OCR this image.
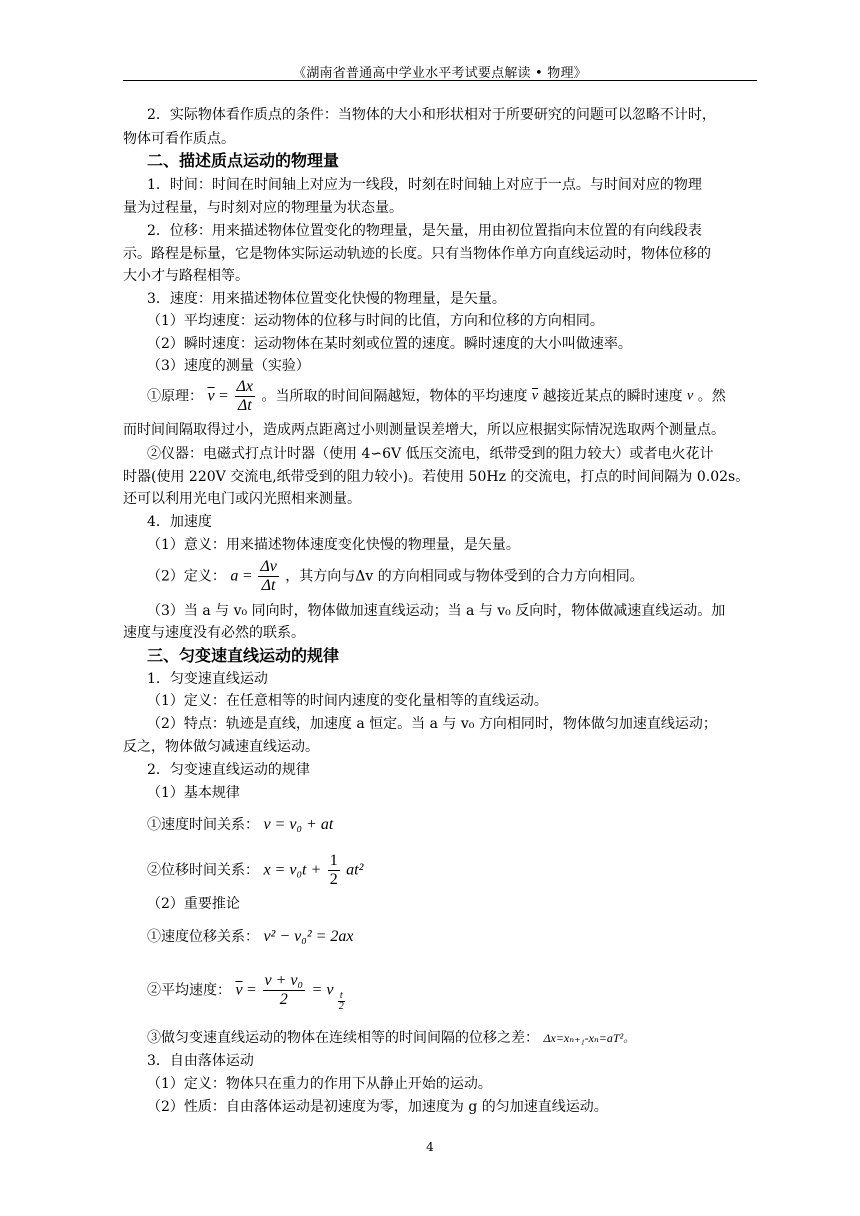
《湖南省普通高中学业水平考试要点解读 • 物理》
2．实际物体看作质点的条件：当物体的大小和形状相对于所要研究的问题可以忽略不计时，
物体可看作质点。
二、描述质点运动的物理量
1．时间：时间在时间轴上对应为一线段，时刻在时间轴上对应于一点。与时间对应的物理
量为过程量，与时刻对应的物理量为状态量。
2．位移：用来描述物体位置变化的物理量，是矢量，用由初位置指向末位置的有向线段表
示。路程是标量，它是物体实际运动轨迹的长度。只有当物体作单方向直线运动时，物体位移的
大小才与路程相等。
3．速度：用来描述物体位置变化快慢的物理量，是矢量。
（1）平均速度：运动物体的位移与时间的比值，方向和位移的方向相同。
（2）瞬时速度：运动物体在某时刻或位置的速度。瞬时速度的大小叫做速率。
（3）速度的测量（实验）
①原理： $\overline{v} = \frac{\Delta x}{\Delta t}$ 。当所取的时间间隔越短，物体的平均速度 $\overline{v}$ 越接近某点的瞬时速度 v 。然
而时间间隔取得过小，造成两点距离过小则测量误差增大，所以应根据实际情况选取两个测量点。
②仪器：电磁式打点计时器（使用 4∽6V 低压交流电，纸带受到的阻力较大）或者电火花计
时器(使用 220V 交流电,纸带受到的阻力较小)。若使用 50Hz 的交流电，打点的时间间隔为 0.02s。
还可以利用光电门或闪光照相来测量。
4．加速度
（1）意义：用来描述物体速度变化快慢的物理量，是矢量。
（2）定义： $a = \frac{\Delta v}{\Delta t}$ ，其方向与Δv 的方向相同或与物体受到的合力方向相同。
（3）当 a 与 v₀ 同向时，物体做加速直线运动；当 a 与 v₀ 反向时，物体做减速直线运动。加
速度与速度没有必然的联系。
三、匀变速直线运动的规律
1．匀变速直线运动
（1）定义：在任意相等的时间内速度的变化量相等的直线运动。
（2）特点：轨迹是直线，加速度 a 恒定。当 a 与 v₀ 方向相同时，物体做匀加速直线运动；
反之，物体做匀减速直线运动。
2．匀变速直线运动的规律
（1）基本规律
①速度时间关系： v = v₀ + at
②位移时间关系： $x = v_0t + \frac{1}{2} at^2$
（2）重要推论
①速度位移关系： v² − v₀² = 2ax
②平均速度： $\overline{v} = \frac{\text{v + v₀}}{2} = v$
$\frac{t}{2}$
③做匀变速直线运动的物体在连续相等的时间间隔的位移之差： Δx=xₙ₊₁-xₙ=aT²。
3．自由落体运动
（1）定义：物体只在重力的作用下从静止开始的运动。
（2）性质：自由落体运动是初速度为零，加速度为 g 的匀加速直线运动。
4
